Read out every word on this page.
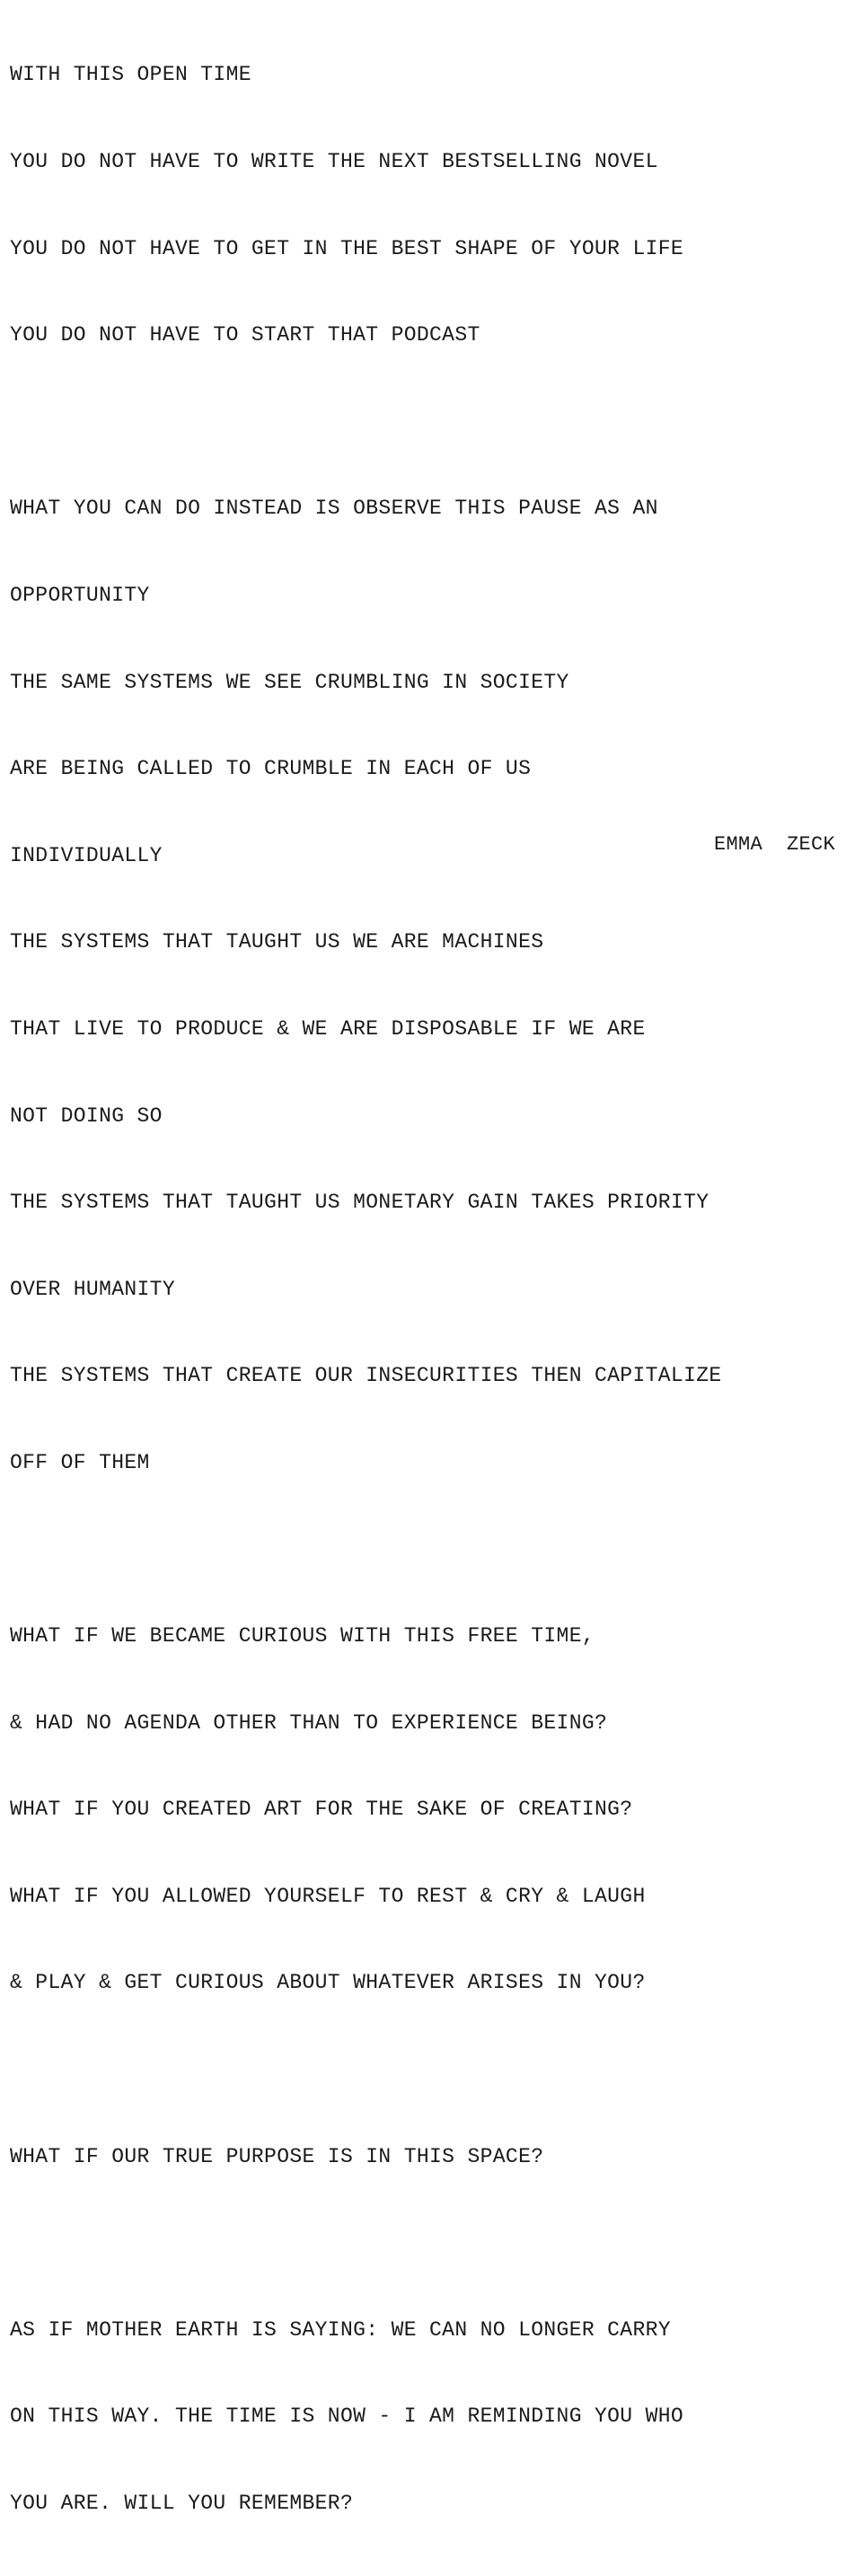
WITH THIS OPEN TIME

YOU DO NOT HAVE TO WRITE THE NEXT BESTSELLING NOVEL

YOU DO NOT HAVE TO GET IN THE BEST SHAPE OF YOUR LIFE

YOU DO NOT HAVE TO START THAT PODCAST

WHAT YOU CAN DO INSTEAD IS OBSERVE THIS PAUSE AS AN

OPPORTUNITY

THE SAME SYSTEMS WE SEE CRUMBLING IN SOCIETY

ARE BEING CALLED TO CRUMBLE IN EACH OF US

INDIVIDUALLY

THE SYSTEMS THAT TAUGHT US WE ARE MACHINES

THAT LIVE TO PRODUCE & WE ARE DISPOSABLE IF WE ARE

NOT DOING SO

THE SYSTEMS THAT TAUGHT US MONETARY GAIN TAKES PRIORITY

OVER HUMANITY

THE SYSTEMS THAT CREATE OUR INSECURITIES THEN CAPITALIZE

OFF OF THEM

WHAT IF WE BECAME CURIOUS WITH THIS FREE TIME,

& HAD NO AGENDA OTHER THAN TO EXPERIENCE BEING?

WHAT IF YOU CREATED ART FOR THE SAKE OF CREATING?

WHAT IF YOU ALLOWED YOURSELF TO REST & CRY & LAUGH

& PLAY & GET CURIOUS ABOUT WHATEVER ARISES IN YOU?

WHAT IF OUR TRUE PURPOSE IS IN THIS SPACE?

AS IF MOTHER EARTH IS SAYING: WE CAN NO LONGER CARRY

ON THIS WAY. THE TIME IS NOW - I AM REMINDING YOU WHO

YOU ARE. WILL YOU REMEMBER?

EMMA  ZECK
